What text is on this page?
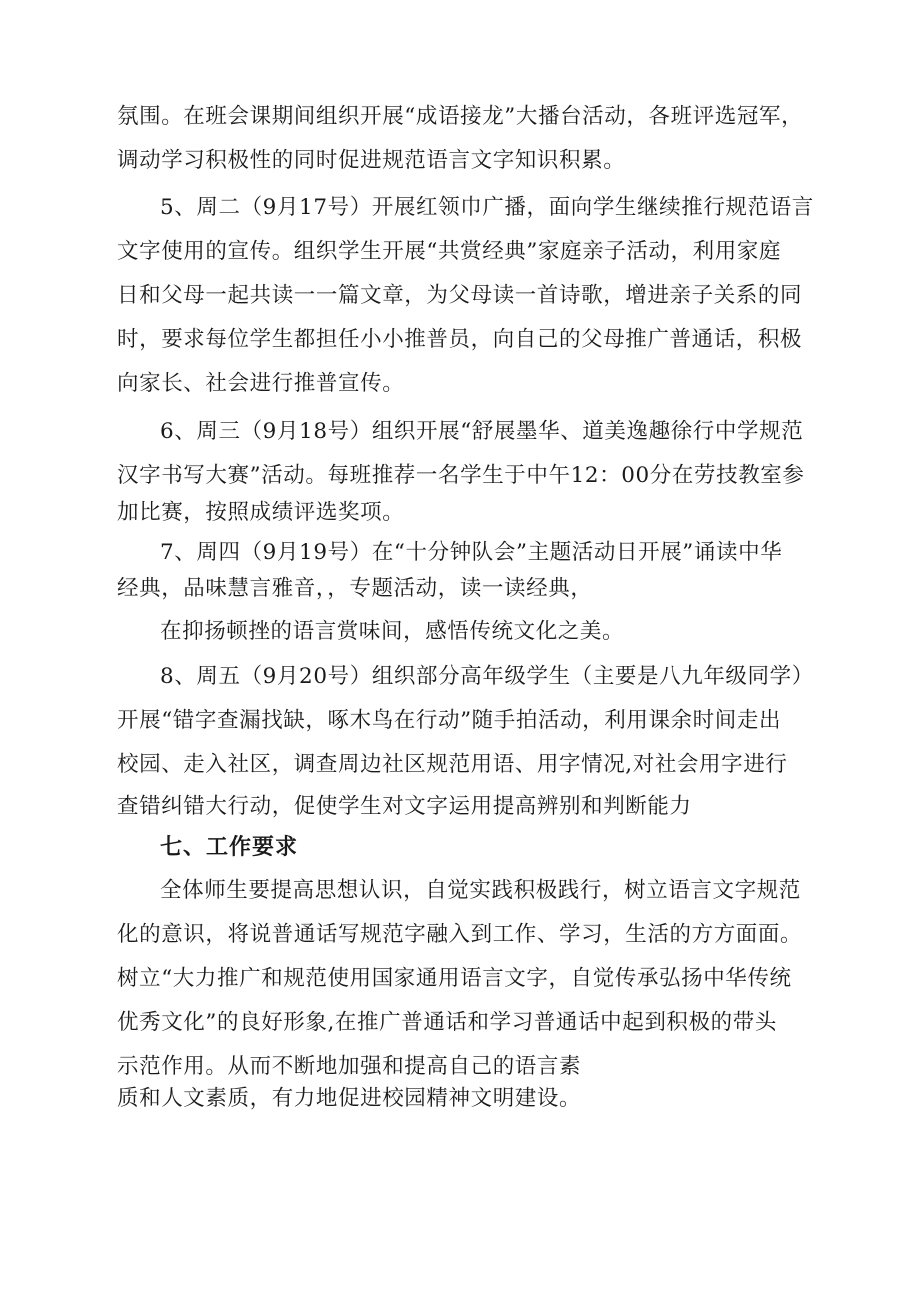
氛围。在班会课期间组织开展“成语接龙”大播台活动，各班评选冠军，
调动学习积极性的同时促进规范语言文字知识积累。
5、周二（9月17号）开展红领巾广播，面向学生继续推行规范语言
文字使用的宣传。组织学生开展“共赏经典”家庭亲子活动，利用家庭
日和父母一起共读一一篇文章，为父母读一首诗歌，增进亲子关系的同
时，要求每位学生都担任小小推普员，向自己的父母推广普通话，积极
向家长、社会进行推普宣传。
6、周三（9月18号）组织开展“舒展墨华、道美逸趣徐行中学规范
汉字书写大赛”活动。每班推荐一名学生于中午12：00分在劳技教室参
加比赛，按照成绩评选奖项。
7、周四（9月19号）在“十分钟队会”主题活动日开展”诵读中华
经典，品味慧言雅音，，专题活动，读一读经典，
在抑扬顿挫的语言赏味间，感悟传统文化之美。
8、周五（9月20号）组织部分高年级学生（主要是八九年级同学）
开展“错字查漏找缺，啄木鸟在行动”随手拍活动，利用课余时间走出
校园、走入社区，调查周边社区规范用语、用字情况,对社会用字进行
查错纠错大行动，促使学生对文字运用提高辨别和判断能力
七、工作要求
全体师生要提高思想认识，自觉实践积极践行，树立语言文字规范
化的意识，将说普通话写规范字融入到工作、学习，生活的方方面面。
树立“大力推广和规范使用国家通用语言文字，自觉传承弘扬中华传统
优秀文化”的良好形象,在推广普通话和学习普通话中起到积极的带头
示范作用。从而不断地加强和提高自己的语言素
质和人文素质，有力地促进校园精神文明建设。
